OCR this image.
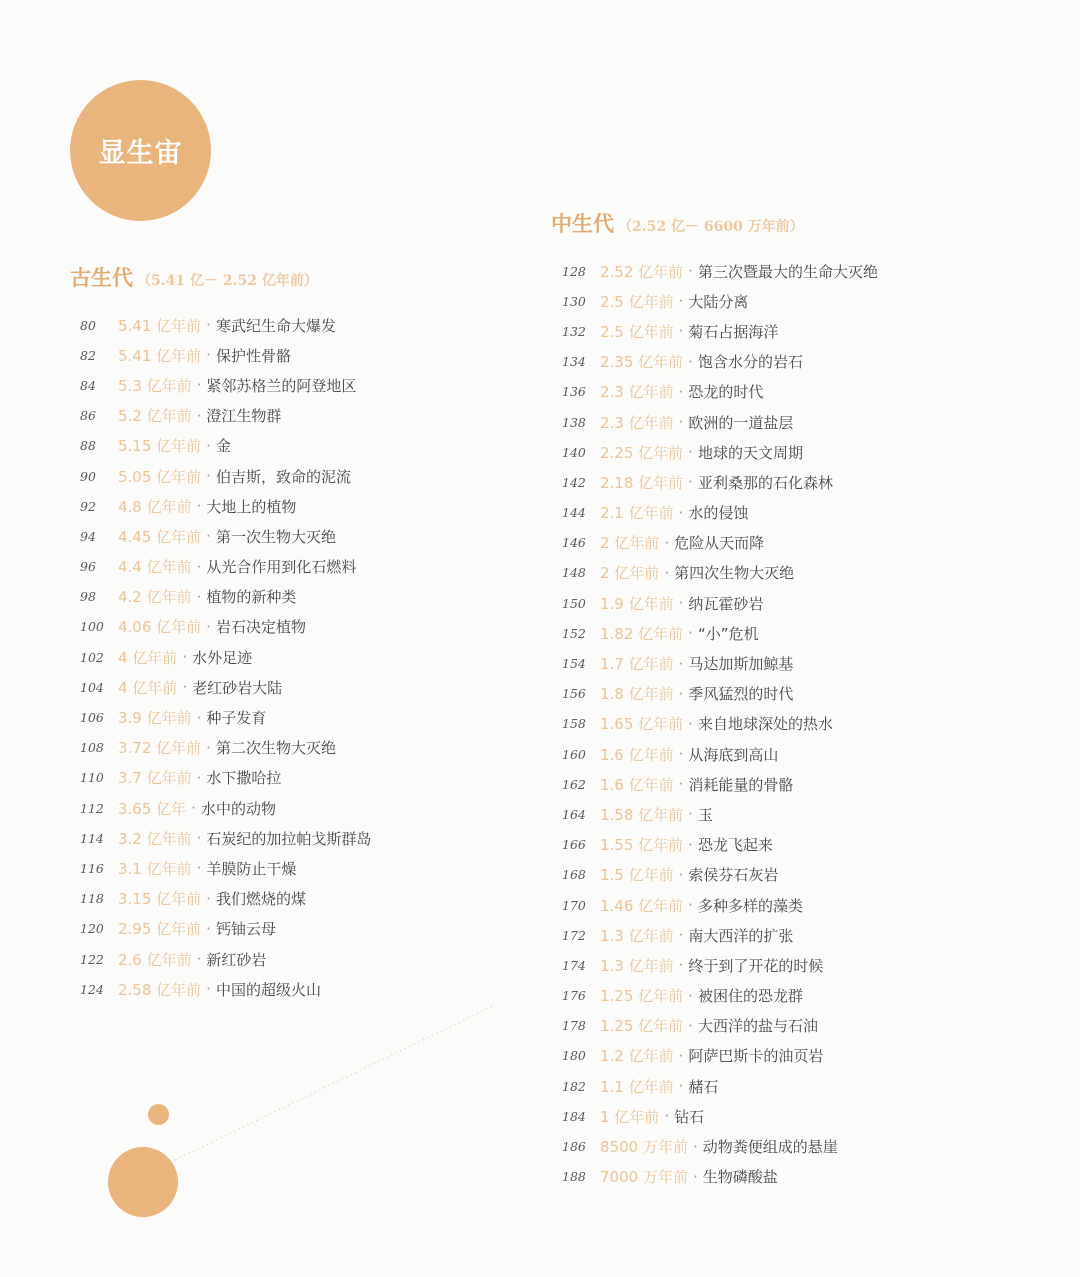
显生宙
古生代 （5.41 亿－ 2.52 亿年前）
80	5.41 亿年前 · 寒武纪生命大爆发
82	5.41 亿年前 · 保护性骨骼
84	5.3 亿年前 · 紧邻苏格兰的阿登地区
86	5.2 亿年前 · 澄江生物群
88	5.15 亿年前 · 金
90	5.05 亿年前 · 伯吉斯，致命的泥流
92	4.8 亿年前 · 大地上的植物
94	4.45 亿年前 · 第一次生物大灭绝
96	4.4 亿年前 · 从光合作用到化石燃料
98	4.2 亿年前 · 植物的新种类
100 4.06 亿年前 · 岩石决定植物
102 4 亿年前 · 水外足迹
104 4 亿年前 · 老红砂岩大陆
106 3.9 亿年前 · 种子发育
108 3.72 亿年前 · 第二次生物大灭绝
110 3.7 亿年前 · 水下撒哈拉
112 3.65 亿年 · 水中的动物
114 3.2 亿年前 · 石炭纪的加拉帕戈斯群岛
116 3.1 亿年前 · 羊膜防止干燥
118 3.15 亿年前 · 我们燃烧的煤
120 2.95 亿年前 · 钙铀云母
122 2.6 亿年前 · 新红砂岩
124 2.58 亿年前 · 中国的超级火山
中生代 （2.52 亿－ 6600 万年前）
128 2.52 亿年前 · 第三次暨最大的生命大灭绝
130 2.5 亿年前 · 大陆分离
132 2.5 亿年前 · 菊石占据海洋
134 2.35 亿年前 · 饱含水分的岩石
136 2.3 亿年前 · 恐龙的时代
138 2.3 亿年前 · 欧洲的一道盐层
140 2.25 亿年前 · 地球的天文周期
142 2.18 亿年前 · 亚利桑那的石化森林
144 2.1 亿年前 · 水的侵蚀
146 2 亿年前 · 危险从天而降
148 2 亿年前 · 第四次生物大灭绝
150 1.9 亿年前 · 纳瓦霍砂岩
152 1.82 亿年前 · “小”危机
154 1.7 亿年前 · 马达加斯加鲸基
156 1.8 亿年前 · 季风猛烈的时代
158 1.65 亿年前 · 来自地球深处的热水
160 1.6 亿年前 · 从海底到高山
162 1.6 亿年前 · 消耗能量的骨骼
164 1.58 亿年前 · 玉
166 1.55 亿年前 · 恐龙飞起来
168 1.5 亿年前 · 索侯芬石灰岩
170 1.46 亿年前 · 多种多样的藻类
172 1.3 亿年前 · 南大西洋的扩张
174 1.3 亿年前 · 终于到了开花的时候
176 1.25 亿年前 · 被困住的恐龙群
178 1.25 亿年前 · 大西洋的盐与石油
180 1.2 亿年前 · 阿萨巴斯卡的油页岩
182 1.1 亿年前 · 赭石
184 1 亿年前 · 钻石
186 8500 万年前 · 动物粪便组成的悬崖
188 7000 万年前 · 生物磷酸盐
